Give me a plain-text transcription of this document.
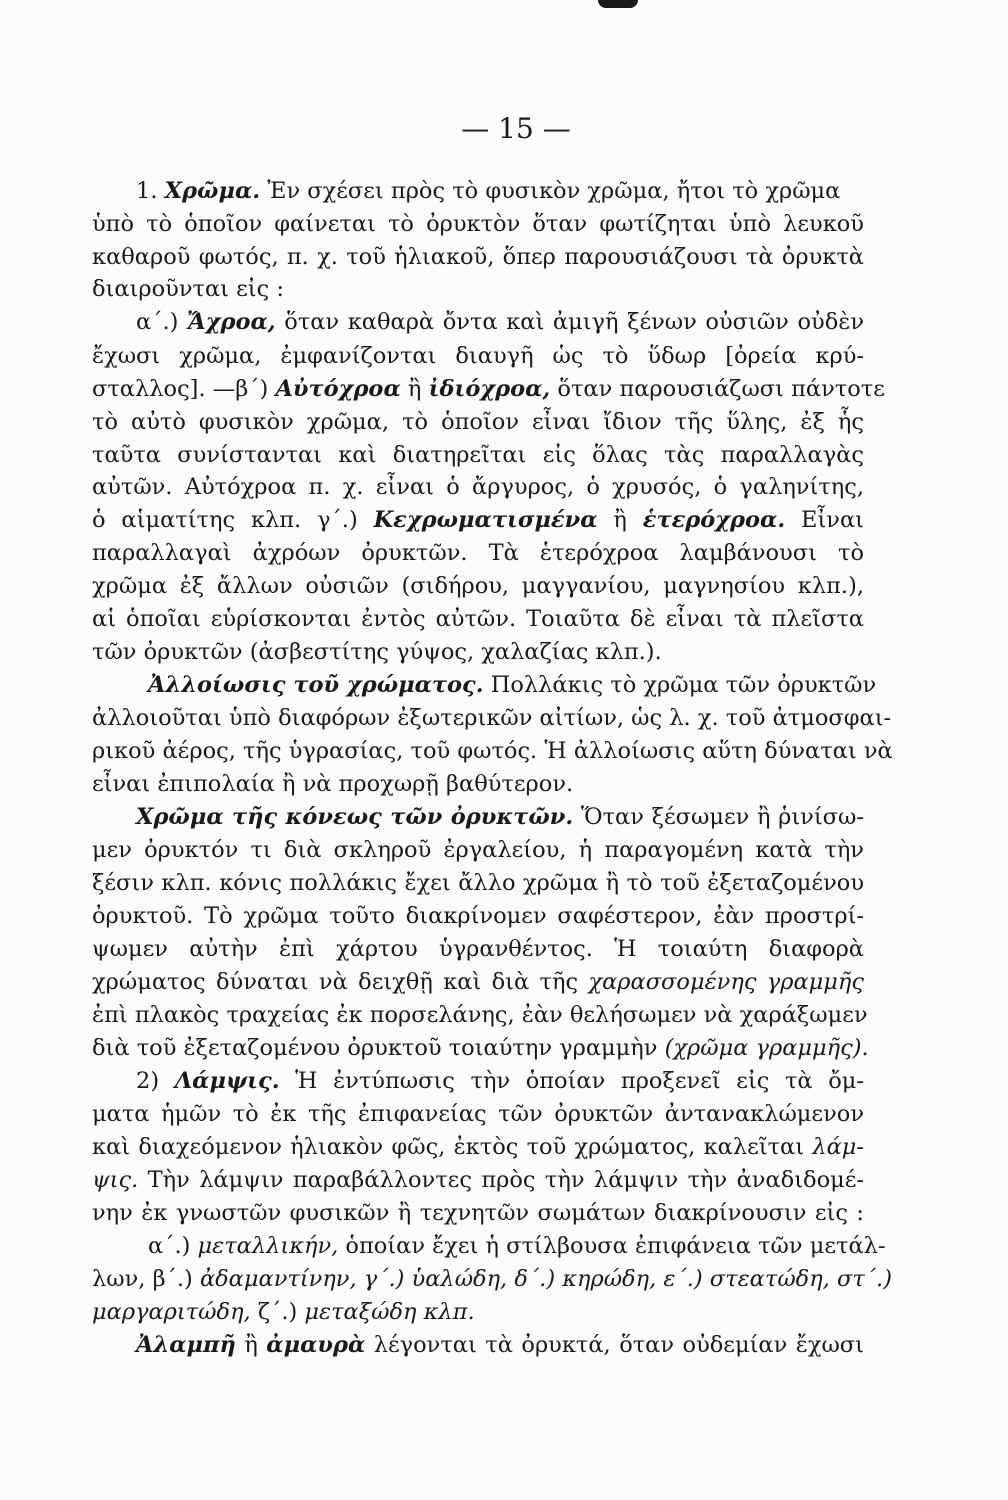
— 15 —
1. Χρῶμα. Ἐν σχέσει πρὸς τὸ φυσικὸν χρῶμα, ἤτοι τὸ χρῶμα
ὑπὸ τὸ ὁποῖον φαίνεται τὸ ὀρυκτὸν ὅταν φωτίζηται ὑπὸ λευκοῦ
καθαροῦ φωτός, π. χ. τοῦ ἡλιακοῦ, ὅπερ παρουσιάζουσι τὰ ὀρυκτὰ
διαιροῦνται εἰς :
α΄.) Ἄχροα, ὅταν καθαρὰ ὄντα καὶ ἀμιγῆ ξένων οὐσιῶν οὐδὲν
ἔχωσι χρῶμα, ἐμφανίζονται διαυγῆ ὡς τὸ ὕδωρ [ὀρεία κρύ-
σταλλος]. —β΄) Αὐτόχροα ἢ ἰδιόχροα, ὅταν παρουσιάζωσι πάντοτε
τὸ αὐτὸ φυσικὸν χρῶμα, τὸ ὁποῖον εἶναι ἴδιον τῆς ὕλης, ἐξ ἧς
ταῦτα συνίστανται καὶ διατηρεῖται εἰς ὅλας τὰς παραλλαγὰς
αὐτῶν. Αὐτόχροα π. χ. εἶναι ὁ ἄργυρος, ὁ χρυσός, ὁ γαληνίτης,
ὁ αἱματίτης κλπ. γ΄.) Κεχρωματισμένα ἢ ἑτερόχροα. Εἶναι
παραλλαγαὶ ἀχρόων ὀρυκτῶν. Τὰ ἑτερόχροα λαμβάνουσι τὸ
χρῶμα ἐξ ἄλλων οὐσιῶν (σιδήρου, μαγγανίου, μαγνησίου κλπ.),
αἱ ὁποῖαι εὑρίσκονται ἐντὸς αὐτῶν. Τοιαῦτα δὲ εἶναι τὰ πλεῖστα
τῶν ὀρυκτῶν (ἀσβεστίτης γύψος, χαλαζίας κλπ.).
Ἀλλοίωσις τοῦ χρώματος. Πολλάκις τὸ χρῶμα τῶν ὀρυκτῶν
ἀλλοιοῦται ὑπὸ διαφόρων ἐξωτερικῶν αἰτίων, ὡς λ. χ. τοῦ ἀτμοσφαι-
ρικοῦ ἀέρος, τῆς ὑγρασίας, τοῦ φωτός. Ἡ ἀλλοίωσις αὕτη δύναται νὰ
εἶναι ἐπιπολαία ἢ νὰ προχωρῇ βαθύτερον.
Χρῶμα τῆς κόνεως τῶν ὀρυκτῶν. Ὅταν ξέσωμεν ἢ ῥινίσω-
μεν ὀρυκτόν τι διὰ σκληροῦ ἐργαλείου, ἡ παραγομένη κατὰ τὴν
ξέσιν κλπ. κόνις πολλάκις ἔχει ἄλλο χρῶμα ἢ τὸ τοῦ ἐξεταζομένου
ὀρυκτοῦ. Τὸ χρῶμα τοῦτο διακρίνομεν σαφέστερον, ἐὰν προστρί-
ψωμεν αὐτὴν ἐπὶ χάρτου ὑγρανθέντος. Ἡ τοιαύτη διαφορὰ
χρώματος δύναται νὰ δειχθῇ καὶ διὰ τῆς χαρασσομένης γραμμῆς
ἐπὶ πλακὸς τραχείας ἐκ πορσελάνης, ἐὰν θελήσωμεν νὰ χαράξωμεν
διὰ τοῦ ἐξεταζομένου ὀρυκτοῦ τοιαύτην γραμμὴν (χρῶμα γραμμῆς).
2) Λάμψις. Ἡ ἐντύπωσις τὴν ὁποίαν προξενεῖ εἰς τὰ ὄμ-
ματα ἡμῶν τὸ ἐκ τῆς ἐπιφανείας τῶν ὀρυκτῶν ἀντανακλώμενον
καὶ διαχεόμενον ἡλιακὸν φῶς, ἐκτὸς τοῦ χρώματος, καλεῖται λάμ-
ψις. Τὴν λάμψιν παραβάλλοντες πρὸς τὴν λάμψιν τὴν ἀναδιδομέ-
νην ἐκ γνωστῶν φυσικῶν ἢ τεχνητῶν σωμάτων διακρίνουσιν εἰς :
α΄.) μεταλλικήν, ὁποίαν ἔχει ἡ στίλβουσα ἐπιφάνεια τῶν μετάλ-
λων, β΄.) ἀδαμαντίνην, γ΄.) ὑαλώδη, δ΄.) κηρώδη, ε΄.) στεατώδη, στ΄.)
μαργαριτώδη, ζ΄.) μεταξώδη κλπ.
Ἀλαμπῆ ἢ ἀμαυρὰ λέγονται τὰ ὀρυκτά, ὅταν οὐδεμίαν ἔχωσι
